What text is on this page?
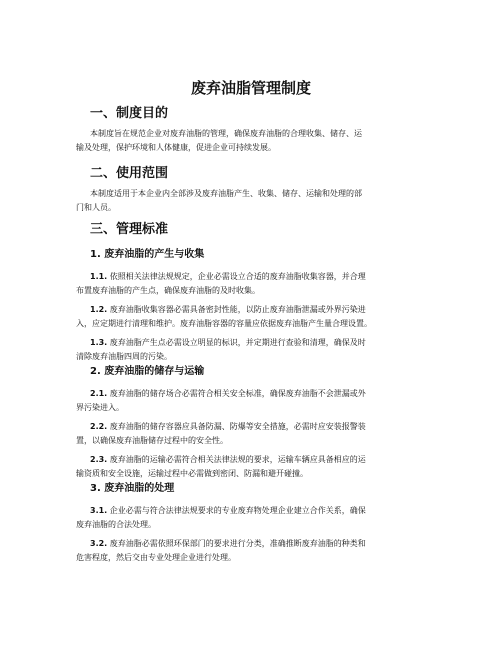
废弃油脂管理制度
一、制度目的

本制度旨在规范企业对废弃油脂的管理，确保废弃油脂的合理收集、储存、运

输及处理，保护环境和人体健康，促进企业可持续发展。

二、使用范围

本制度适用于本企业内全部涉及废弃油脂产生、收集、储存、运输和处理的部

门和人员。

三、管理标准
1. 废弃油脂的产生与收集

1.1. 依照相关法律法规规定，企业必需设立合适的废弃油脂收集容器，并合理

布置废弃油脂的产生点，确保废弃油脂的及时收集。

1.2. 废弃油脂收集容器必需具备密封性能，以防止废弃油脂泄漏或外界污染进

入，应定期进行清理和维护。废弃油脂容器的容量应依据废弃油脂产生量合理设置。

1.3. 废弃油脂产生点必需设立明显的标识，并定期进行查验和清理，确保及时

清除废弃油脂四周的污染。

2. 废弃油脂的储存与运输

2.1. 废弃油脂的储存场合必需符合相关安全标准，确保废弃油脂不会泄漏或外

界污染进入。

2.2. 废弃油脂的储存容器应具备防漏、防爆等安全措施，必需时应安装报警装

置，以确保废弃油脂储存过程中的安全性。

2.3. 废弃油脂的运输必需符合相关法律法规的要求，运输车辆应具备相应的运

输资质和安全设施，运输过程中必需做到密闭、防漏和避开碰撞。

3. 废弃油脂的处理

3.1. 企业必需与符合法律法规要求的专业废弃物处理企业建立合作关系，确保

废弃油脂的合法处理。

3.2. 废弃油脂必需依照环保部门的要求进行分类，准确推断废弃油脂的种类和

危害程度，然后交由专业处理企业进行处理。
